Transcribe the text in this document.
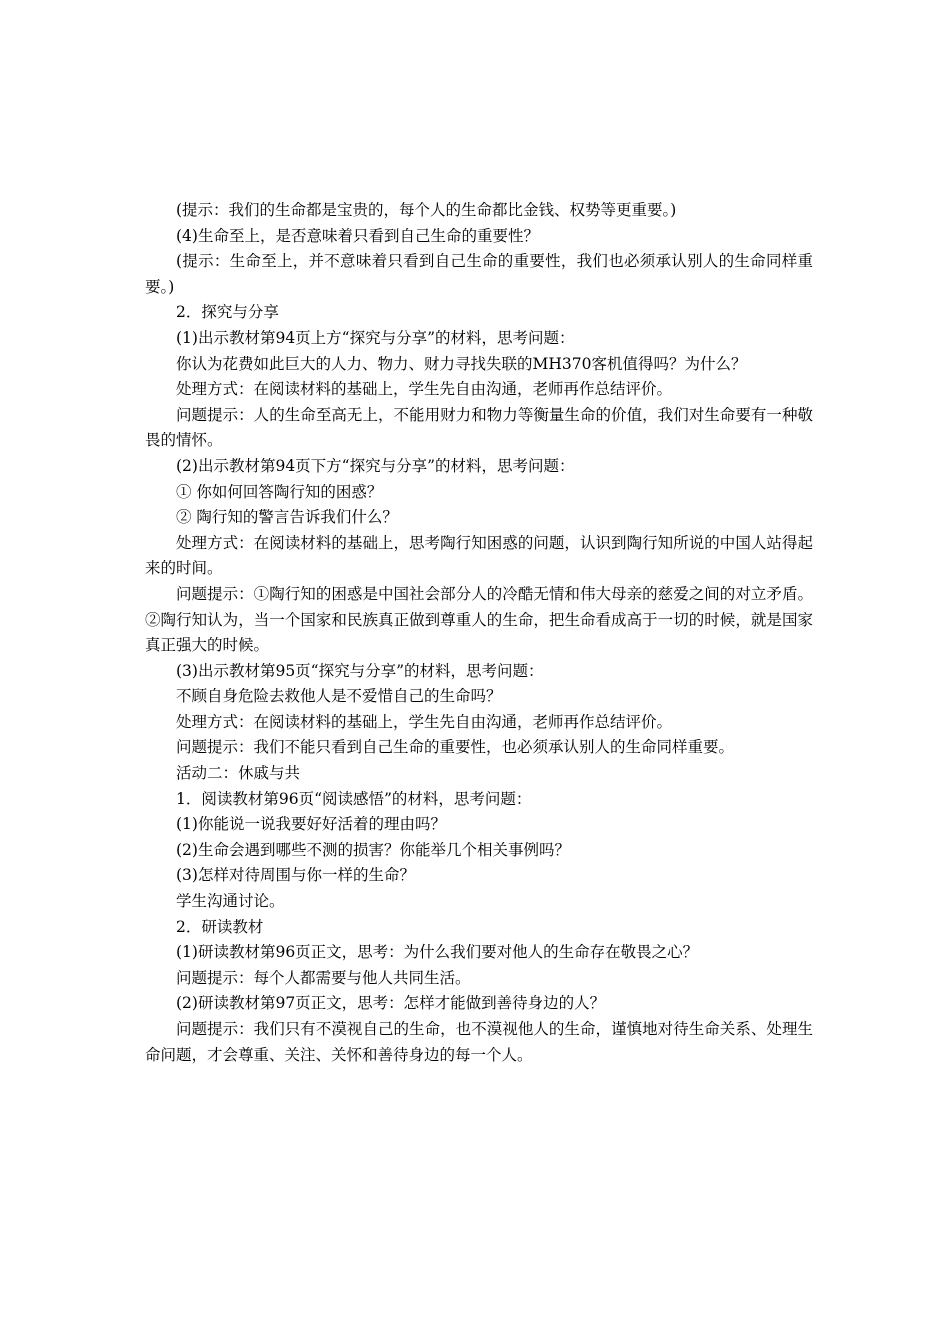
(提示：我们的生命都是宝贵的，每个人的生命都比金钱、权势等更重要。)

(4)生命至上，是否意味着只看到自己生命的重要性？

(提示：生命至上，并不意味着只看到自己生命的重要性，我们也必须承认别人的生命同样重要。)

2．探究与分享

(1)出示教材第94页上方“探究与分享”的材料，思考问题：

你认为花费如此巨大的人力、物力、财力寻找失联的MH370客机值得吗？为什么？

处理方式：在阅读材料的基础上，学生先自由沟通，老师再作总结评价。

问题提示：人的生命至高无上，不能用财力和物力等衡量生命的价值，我们对生命要有一种敬畏的情怀。

(2)出示教材第94页下方“探究与分享”的材料，思考问题：

① 你如何回答陶行知的困惑？

② 陶行知的警言告诉我们什么？

处理方式：在阅读材料的基础上，思考陶行知困惑的问题，认识到陶行知所说的中国人站得起来的时间。

问题提示：①陶行知的困惑是中国社会部分人的冷酷无情和伟大母亲的慈爱之间的对立矛盾。②陶行知认为，当一个国家和民族真正做到尊重人的生命，把生命看成高于一切的时候，就是国家真正强大的时候。

(3)出示教材第95页“探究与分享”的材料，思考问题：

不顾自身危险去救他人是不爱惜自己的生命吗？

处理方式：在阅读材料的基础上，学生先自由沟通，老师再作总结评价。

问题提示：我们不能只看到自己生命的重要性，也必须承认别人的生命同样重要。

活动二：休戚与共

1．阅读教材第96页“阅读感悟”的材料，思考问题：

(1)你能说一说我要好好活着的理由吗？

(2)生命会遇到哪些不测的损害？你能举几个相关事例吗？

(3)怎样对待周围与你一样的生命？

学生沟通讨论。

2．研读教材

(1)研读教材第96页正文，思考：为什么我们要对他人的生命存在敬畏之心？

问题提示：每个人都需要与他人共同生活。

(2)研读教材第97页正文，思考：怎样才能做到善待身边的人？

问题提示：我们只有不漠视自己的生命，也不漠视他人的生命，谨慎地对待生命关系、处理生命问题，才会尊重、关注、关怀和善待身边的每一个人。
